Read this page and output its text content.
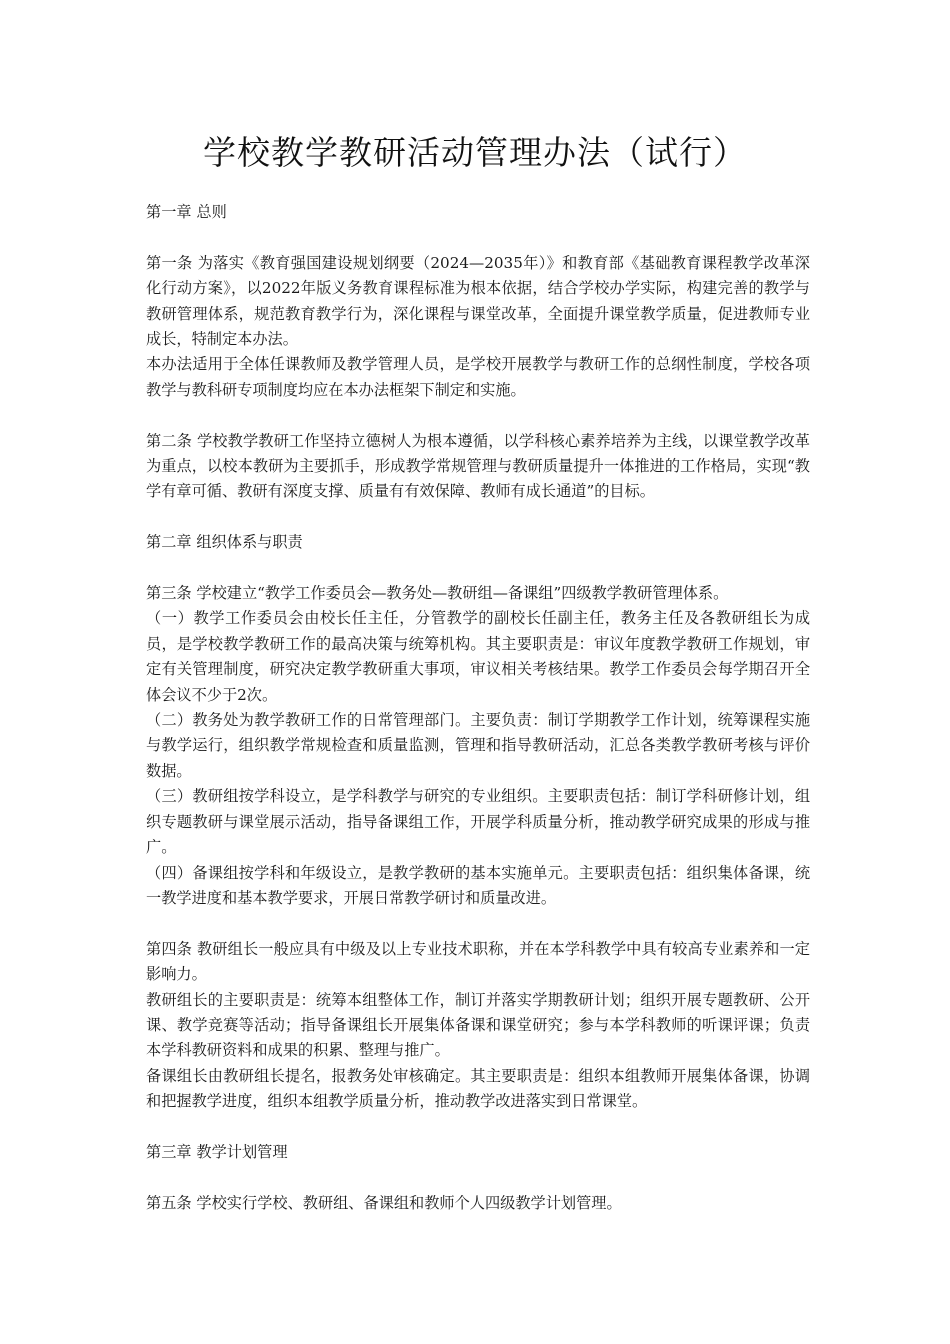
学校教学教研活动管理办法（试行）

第一章 总则

第一条 为落实《教育强国建设规划纲要（2024—2035年）》和教育部《基础教育课程教学改革深化行动方案》，以2022年版义务教育课程标准为根本依据，结合学校办学实际，构建完善的教学与教研管理体系，规范教育教学行为，深化课程与课堂改革，全面提升课堂教学质量，促进教师专业成长，特制定本办法。

本办法适用于全体任课教师及教学管理人员，是学校开展教学与教研工作的总纲性制度，学校各项教学与教科研专项制度均应在本办法框架下制定和实施。

第二条 学校教学教研工作坚持立德树人为根本遵循，以学科核心素养培养为主线，以课堂教学改革为重点，以校本教研为主要抓手，形成教学常规管理与教研质量提升一体推进的工作格局，实现“教学有章可循、教研有深度支撑、质量有有效保障、教师有成长通道”的目标。

第二章 组织体系与职责

第三条 学校建立“教学工作委员会—教务处—教研组—备课组”四级教学教研管理体系。

（一）教学工作委员会由校长任主任，分管教学的副校长任副主任，教务主任及各教研组长为成员，是学校教学教研工作的最高决策与统筹机构。其主要职责是：审议年度教学教研工作规划，审定有关管理制度，研究决定教学教研重大事项，审议相关考核结果。教学工作委员会每学期召开全体会议不少于2次。

（二）教务处为教学教研工作的日常管理部门。主要负责：制订学期教学工作计划，统筹课程实施与教学运行，组织教学常规检查和质量监测，管理和指导教研活动，汇总各类教学教研考核与评价数据。

（三）教研组按学科设立，是学科教学与研究的专业组织。主要职责包括：制订学科研修计划，组织专题教研与课堂展示活动，指导备课组工作，开展学科质量分析，推动教学研究成果的形成与推广。

（四）备课组按学科和年级设立，是教学教研的基本实施单元。主要职责包括：组织集体备课，统一教学进度和基本教学要求，开展日常教学研讨和质量改进。

第四条 教研组长一般应具有中级及以上专业技术职称，并在本学科教学中具有较高专业素养和一定影响力。

教研组长的主要职责是：统筹本组整体工作，制订并落实学期教研计划；组织开展专题教研、公开课、教学竞赛等活动；指导备课组长开展集体备课和课堂研究；参与本学科教师的听课评课；负责本学科教研资料和成果的积累、整理与推广。

备课组长由教研组长提名，报教务处审核确定。其主要职责是：组织本组教师开展集体备课，协调和把握教学进度，组织本组教学质量分析，推动教学改进落实到日常课堂。

第三章 教学计划管理

第五条 学校实行学校、教研组、备课组和教师个人四级教学计划管理。
